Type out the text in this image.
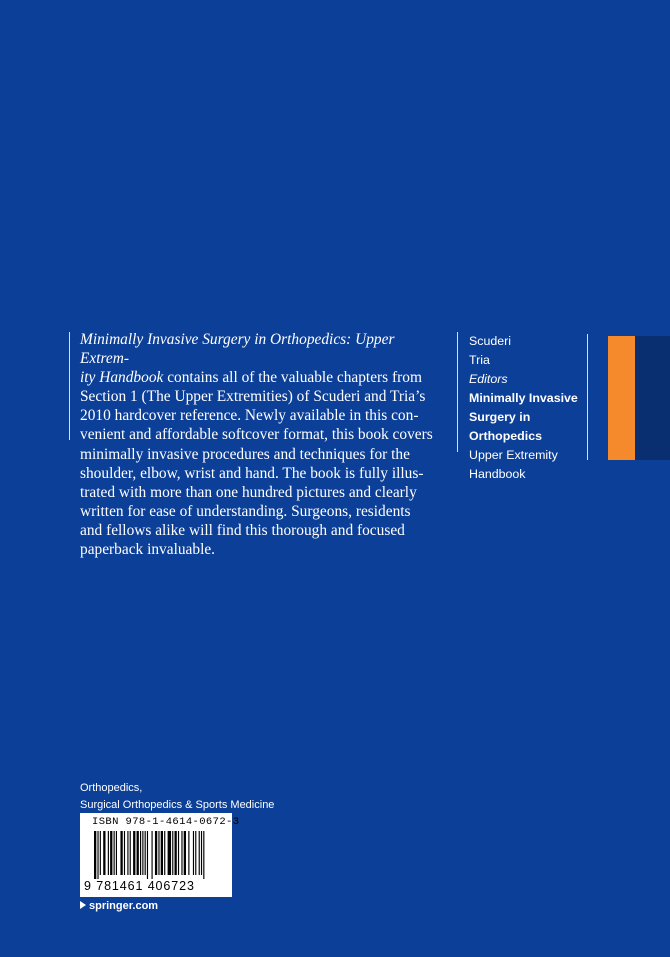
Minimally Invasive Surgery in Orthopedics: Upper Extrem-

ity Handbook contains all of the valuable chapters from

Section 1 (The Upper Extremities) of Scuderi and Tria’s

2010 hardcover reference. Newly available in this con-

venient and affordable softcover format, this book covers

minimally invasive procedures and techniques for the

shoulder, elbow, wrist and hand. The book is fully illus-

trated with more than one hundred pictures and clearly

written for ease of understanding. Surgeons, residents

and fellows alike will find this thorough and focused

paperback invaluable.

Scuderi
Tria
Editors
Minimally Invasive
Surgery in
Orthopedics
Upper Extremity
Handbook
Orthopedics,
Surgical Orthopedics & Sports Medicine
ISBN 978-1-4614-0672-3
9 781461 406723
springer.com
